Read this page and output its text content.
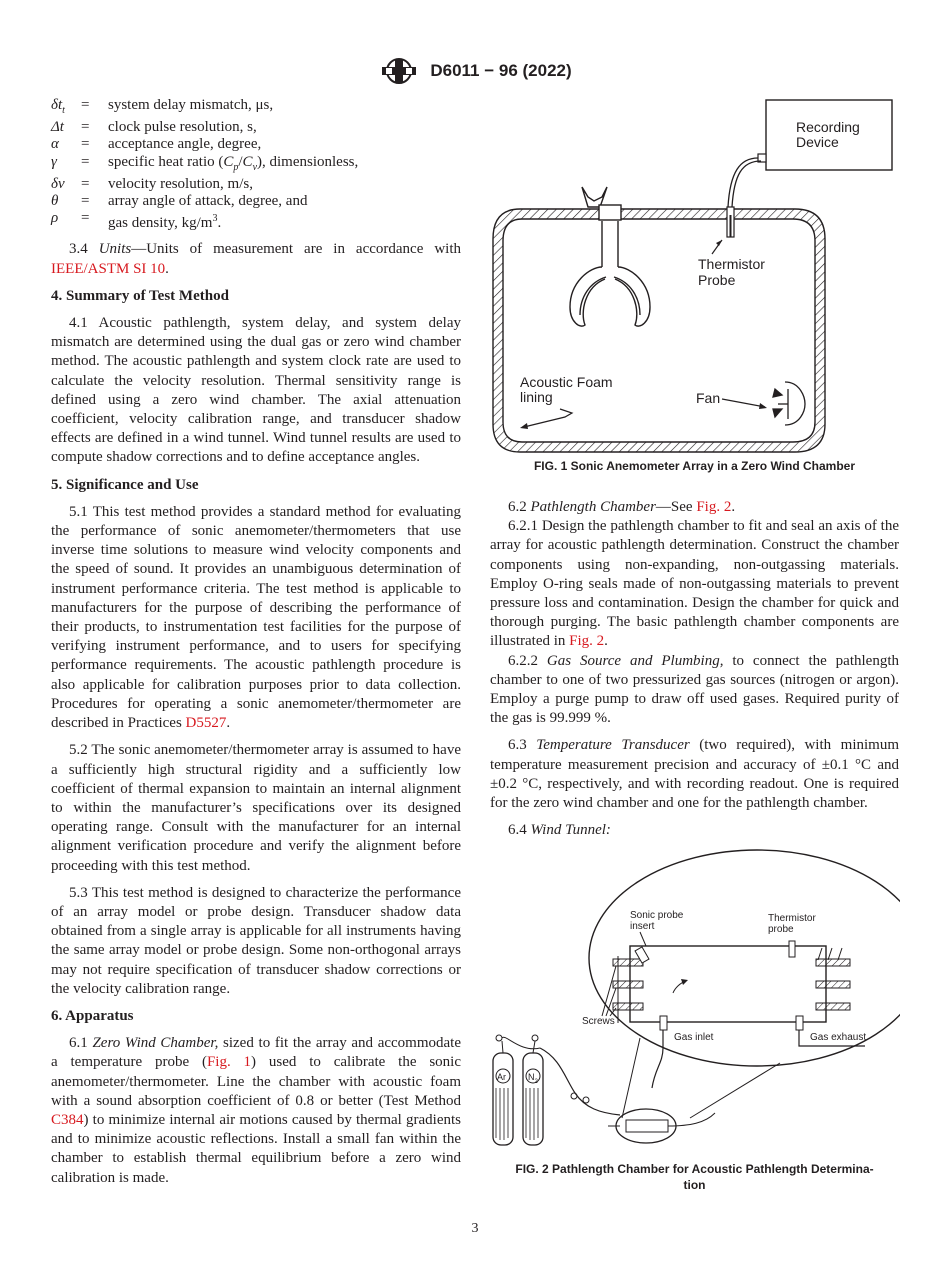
D6011 − 96 (2022)
$\delta t_t$	=	system delay mismatch, μs,
Δt	=	clock pulse resolution, s,
α	=	acceptance angle, degree,
γ	=	specific heat ratio $(C_p/C_v)$, dimensionless,
δv	=	velocity resolution, m/s,
θ	=	array angle of attack, degree, and
ρ	=	gas density, $kg/m^3$.

3.4 Units—Units of measurement are in accordance with IEEE/ASTM SI 10.

4. Summary of Test Method

4.1 Acoustic pathlength, system delay, and system delay mismatch are determined using the dual gas or zero wind chamber method. The acoustic pathlength and system clock rate are used to calculate the velocity resolution. Thermal sensitivity range is defined using a zero wind chamber. The axial attenuation coefficient, velocity calibration range, and transducer shadow effects are defined in a wind tunnel. Wind tunnel results are used to compute shadow corrections and to define acceptance angles.

5. Significance and Use

5.1 This test method provides a standard method for evaluating the performance of sonic anemometer/thermometers that use inverse time solutions to measure wind velocity components and the speed of sound. It provides an unambiguous determination of instrument performance criteria. The test method is applicable to manufacturers for the purpose of describing the performance of their products, to instrumentation test facilities for the purpose of verifying instrument performance, and to users for specifying performance requirements. The acoustic pathlength procedure is also applicable for calibration purposes prior to data collection. Procedures for operating a sonic anemometer/thermometer are described in Practices D5527.

5.2 The sonic anemometer/thermometer array is assumed to have a sufficiently high structural rigidity and a sufficiently low coefficient of thermal expansion to maintain an internal alignment to within the manufacturer’s specifications over its designed operating range. Consult with the manufacturer for an internal alignment verification procedure and verify the alignment before proceeding with this test method.

5.3 This test method is designed to characterize the performance of an array model or probe design. Transducer shadow data obtained from a single array is applicable for all instruments having the same array model or probe design. Some non-orthogonal arrays may not require specification of transducer shadow corrections or the velocity calibration range.

6. Apparatus

6.1 Zero Wind Chamber, sized to fit the array and accommodate a temperature probe (Fig. 1) used to calibrate the sonic anemometer/thermometer. Line the chamber with acoustic foam with a sound absorption coefficient of 0.8 or better (Test Method C384) to minimize internal air motions caused by thermal gradients and to minimize acoustic reflections. Install a small fan within the chamber to establish thermal equilibrium before a zero wind calibration is made.

Recording
Device
Thermistor
Probe
Acoustic Foam
lining	Fan
FIG. 1 Sonic Anemometer Array in a Zero Wind Chamber

6.2 Pathlength Chamber—See Fig. 2.

6.2.1 Design the pathlength chamber to fit and seal an axis of the array for acoustic pathlength determination. Construct the chamber components using non-expanding, non-outgassing materials. Employ O-ring seals made of non-outgassing materials to prevent pressure loss and contamination. Design the chamber for quick and thorough purging. The basic pathlength chamber components are illustrated in Fig. 2.

6.2.2 Gas Source and Plumbing, to connect the pathlength chamber to one of two pressurized gas sources (nitrogen or argon). Employ a purge pump to draw off used gases. Required purity of the gas is 99.999 %.

6.3 Temperature Transducer (two required), with minimum temperature measurement precision and accuracy of ±0.1 °C and ±0.2 °C, respectively, and with recording readout. One is required for the zero wind chamber and one for the pathlength chamber.

6.4 Wind Tunnel:

Sonic probe
insert
Thermistor
probe
Screws
Gas inlet	Gas exhaust
Ar $N_2$
FIG. 2 Pathlength Chamber for Acoustic Pathlength Determina-
tion
3
